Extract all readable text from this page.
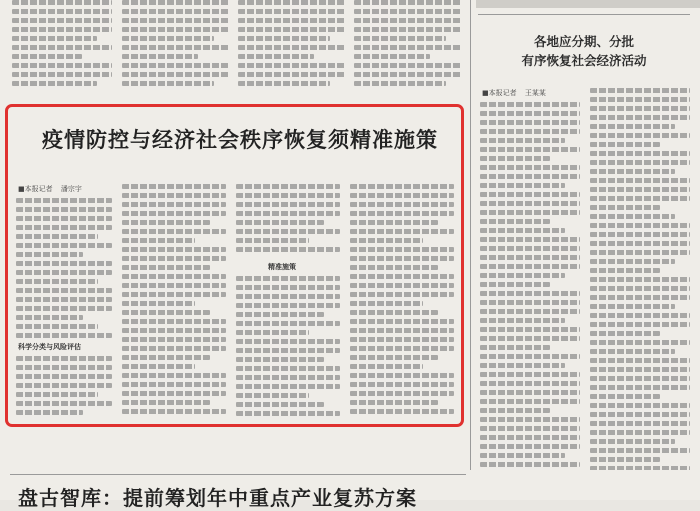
疫情防控与经济社会秩序恢复须精准施策
■本报记者 潘宗宇
科学分类与风险评估
精准施策
各地应分期、分批
有序恢复社会经济活动
■本报记者 王某某
盘古智库：提前筹划年中重点产业复苏方案
